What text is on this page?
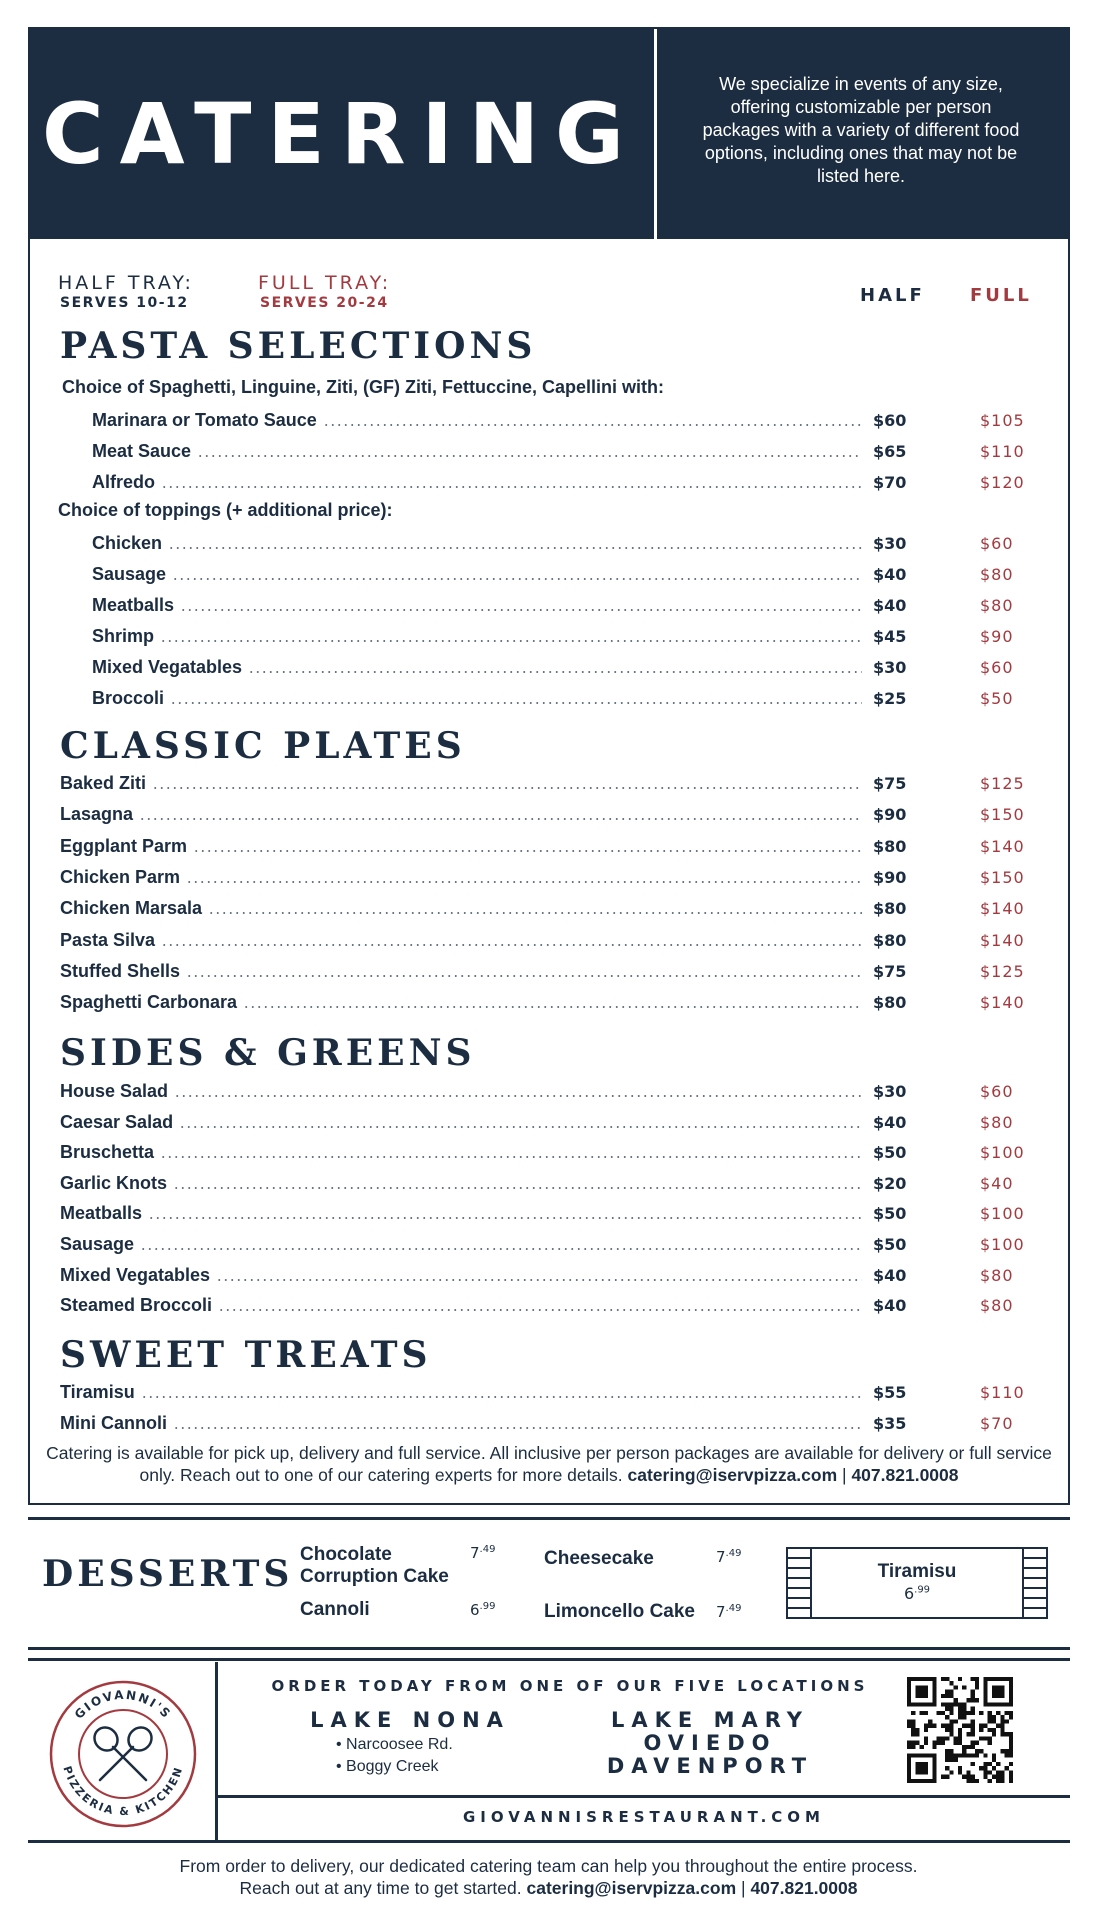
CATERING
We specialize in events of any size, offering customizable per person packages with a variety of different food options, including ones that may not be listed here.
HALF TRAY:
SERVES 10-12
FULL TRAY:
SERVES 20-24	HALF	FULL
PASTA SELECTIONS
Choice of Spaghetti, Linguine, Ziti, (GF) Ziti, Fettuccine, Capellini with:
Marinara or Tomato Sauce	$60	$105
Meat Sauce	$65	$110
Alfredo	$70	$120
Choice of toppings (+ additional price):
Chicken	$30	$60
Sausage	$40	$80
Meatballs	$40	$80
Shrimp	$45	$90
Mixed Vegatables	$30	$60
Broccoli	$25	$50
CLASSIC PLATES
Baked Ziti	$75	$125
Lasagna	$90	$150
Eggplant Parm	$80	$140
Chicken Parm	$90	$150
Chicken Marsala	$80	$140
Pasta Silva	$80	$140
Stuffed Shells	$75	$125
Spaghetti Carbonara	$80	$140
SIDES & GREENS
House Salad	$30	$60
Caesar Salad	$40	$80
Bruschetta	$50	$100
Garlic Knots	$20	$40
Meatballs	$50	$100
Sausage	$50	$100
Mixed Vegatables	$40	$80
Steamed Broccoli	$40	$80
SWEET TREATS
Tiramisu	$55	$110
Mini Cannoli	$35	$70
Catering is available for pick up, delivery and full service. All inclusive per person packages are available for delivery or full service only. Reach out to one of our catering experts for more details. catering@iservpizza.com | 407.821.0008
DESSERTS Chocolate
Corruption Cake
$7^{.49}$
Cannoli	$6^{.99}$
Cheesecake	$7^{.49}$
Limoncello Cake $7^{.49}$
Tiramisu
$6^{.99}$
GIOVANNI'S
PIZZERIA & KITCHEN
ORDER TODAY FROM ONE OF OUR FIVE LOCATIONS
LAKE NONA
• Narcoosee Rd.
• Boggy Creek
LAKE MARY
OVIEDO
DAVENPORT
GIOVANNISRESTAURANT.COM
From order to delivery, our dedicated catering team can help you throughout the entire process.
Reach out at any time to get started. catering@iservpizza.com | 407.821.0008
